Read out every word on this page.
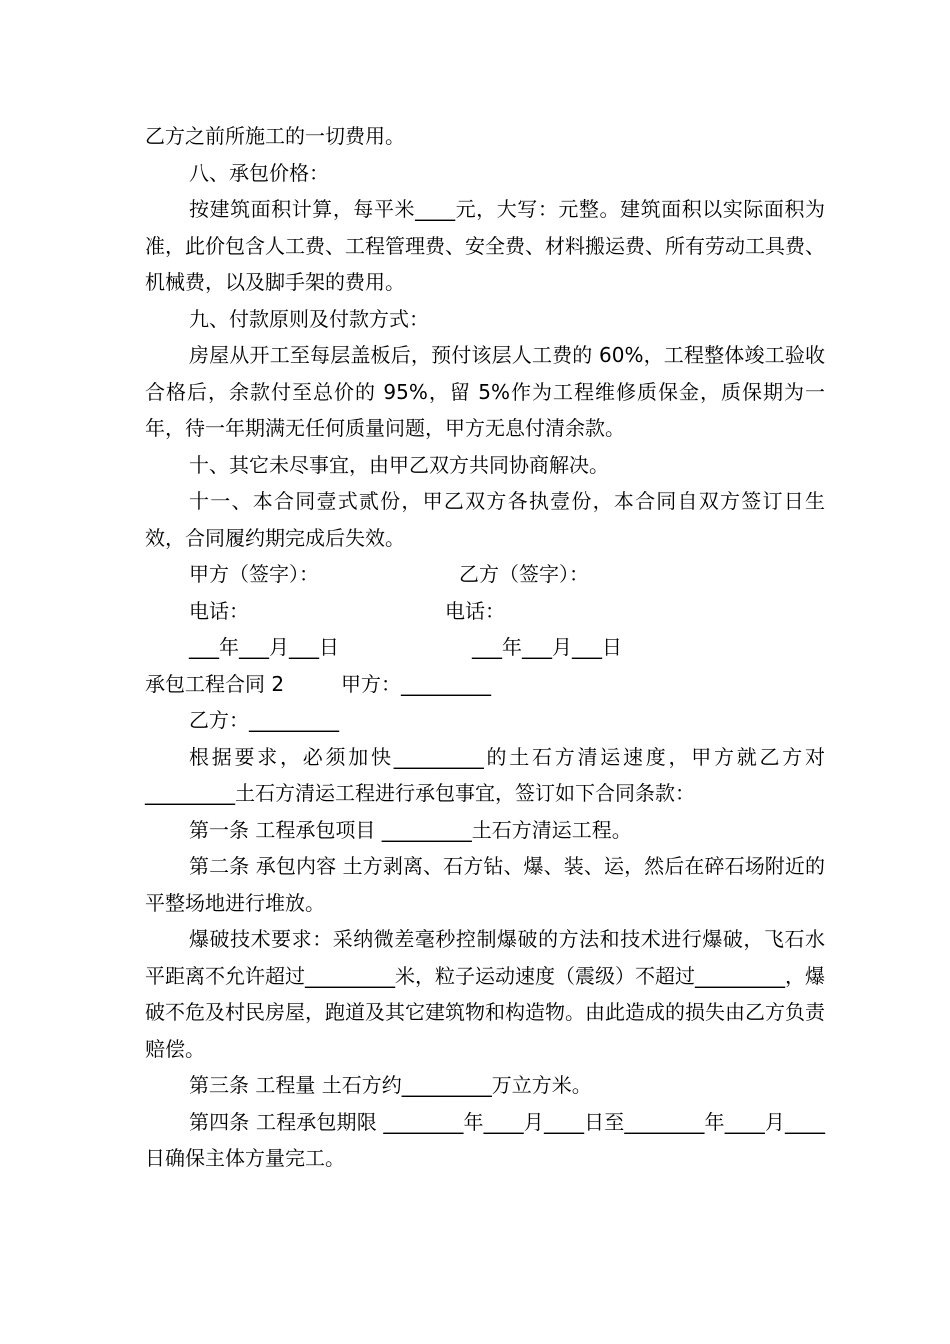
乙方之前所施工的一切费用。

八、承包价格：

按建筑面积计算，每平米____元，大写：元整。建筑面积以实际面积为准，此价包含人工费、工程管理费、安全费、材料搬运费、所有劳动工具费、机械费，以及脚手架的费用。

九、付款原则及付款方式：

房屋从开工至每层盖板后，预付该层人工费的 60%，工程整体竣工验收合格后，余款付至总价的 95%，留 5%作为工程维修质保金，质保期为一年，待一年期满无任何质量问题，甲方无息付清余款。

十、其它未尽事宜，由甲乙双方共同协商解决。

十一、本合同壹式贰份，甲乙双方各执壹份，本合同自双方签订日生效，合同履约期完成后失效。

甲方（签字）：	乙方（签字）：

电话：	电话：

___年___月___日	___年___月___日

承包工程合同 2	甲方：_________

乙方：_________

根据要求，必须加快_________的土石方清运速度，甲方就乙方对_________土石方清运工程进行承包事宜，签订如下合同条款：

第一条 工程承包项目 _________土石方清运工程。

第二条 承包内容 土方剥离、石方钻、爆、装、运，然后在碎石场附近的平整场地进行堆放。

爆破技术要求：采纳微差毫秒控制爆破的方法和技术进行爆破，飞石水平距离不允许超过_________米，粒子运动速度（震级）不超过_________，爆破不危及村民房屋，跑道及其它建筑物和构造物。由此造成的损失由乙方负责赔偿。

第三条 工程量 土石方约_________万立方米。

第四条 工程承包期限 ________年____月____日至________年____月____日确保主体方量完工。
